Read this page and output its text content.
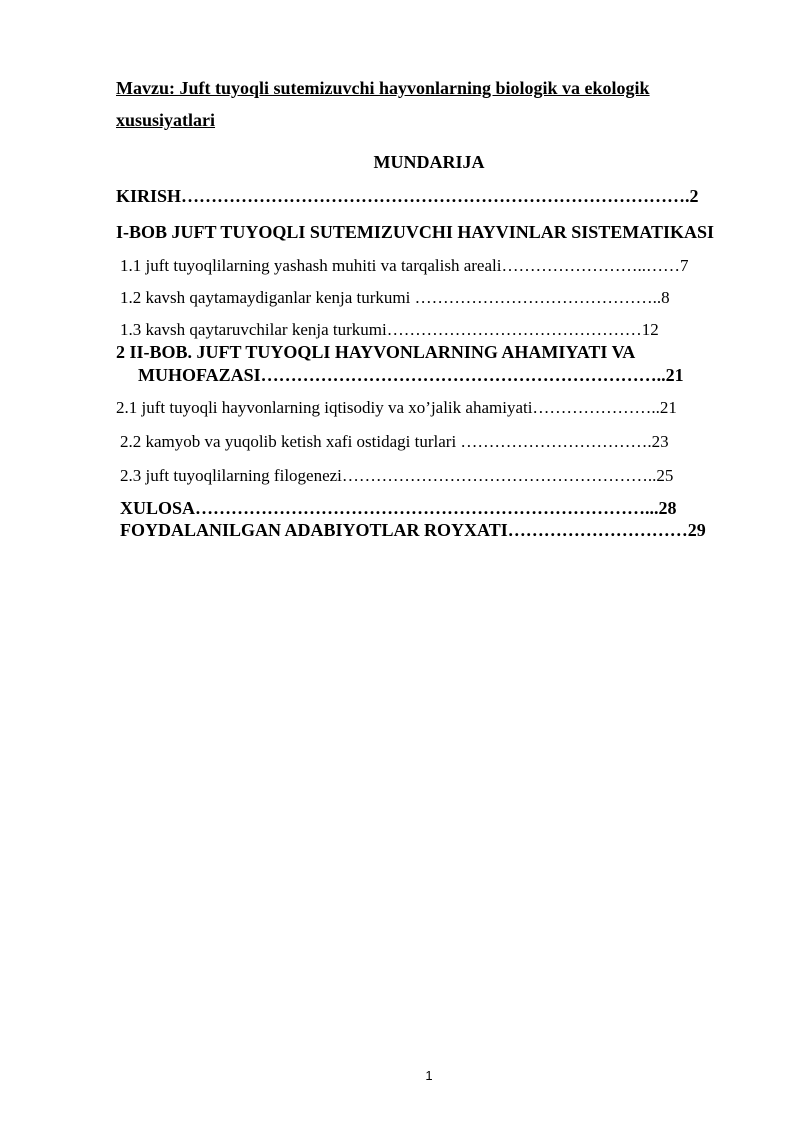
Mavzu: Juft tuyoqli sutemizuvchi hayvonlarning biologik va ekologik
xususiyatlari
MUNDARIJA
KIRISH………………………………………………………………………….2
I-BOB JUFT TUYOQLI SUTEMIZUVCHI HAYVINLAR SISTEMATIKASI
1.1 juft tuyoqlilarning yashash muhiti va tarqalish areali……………………..……7
1.2 kavsh qaytamaydiganlar kenja turkumi ……………………………………..8
1.3 kavsh qaytaruvchilar kenja turkumi………………………………………12
2 II-BOB. JUFT TUYOQLI HAYVONLARNING AHAMIYATI VA
MUHOFAZASI…………………………………………………………..21
2.1 juft tuyoqli hayvonlarning iqtisodiy va xo’jalik ahamiyati…………………..21
2.2 kamyob va yuqolib ketish xafi ostidagi turlari …………………………….23
2.3 juft tuyoqlilarning filogenezi………………………………………………..25
XULOSA…………………………………………………………………...28
FOYDALANILGAN ADABIYOTLAR ROYXATI…………………………29
1
